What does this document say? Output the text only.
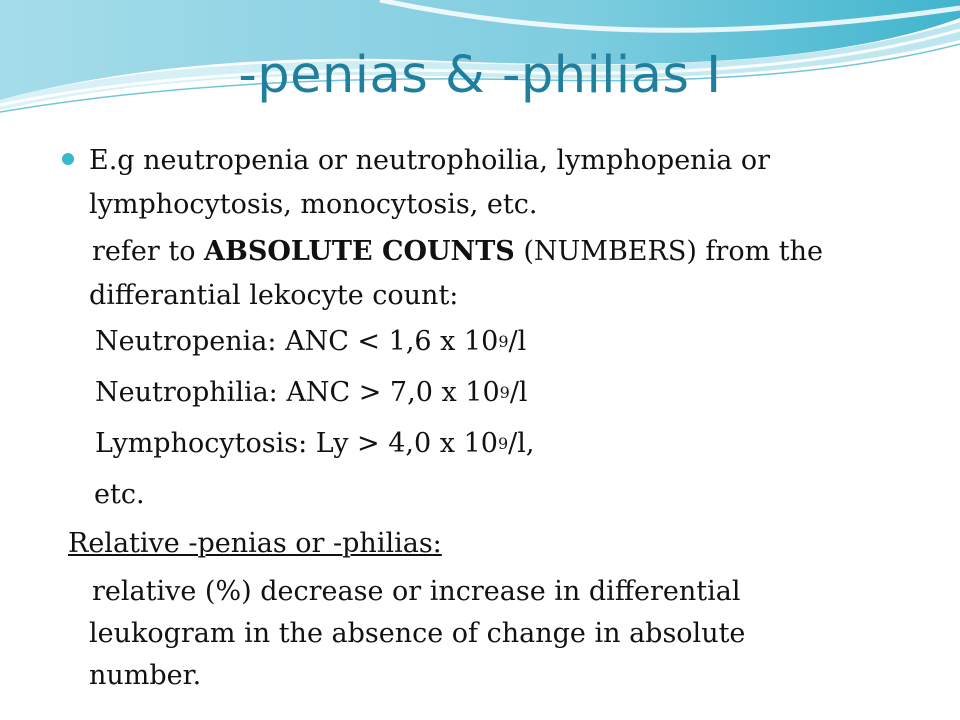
-penias & -philias I
E.g neutropenia or neutrophoilia, lymphopenia or
lymphocytosis, monocytosis, etc.
refer to ABSOLUTE COUNTS (NUMBERS) from the
differantial lekocyte count:
Neutropenia: ANC < 1,6 x $10^9/l$
Neutrophilia: ANC > 7,0 x $10^9/l$
Lymphocytosis: Ly > 4,0 x $10^9/l$,
etc.
Relative -penias or -philias:
relative (%) decrease or increase in differential
leukogram in the absence of change in absolute
number.
